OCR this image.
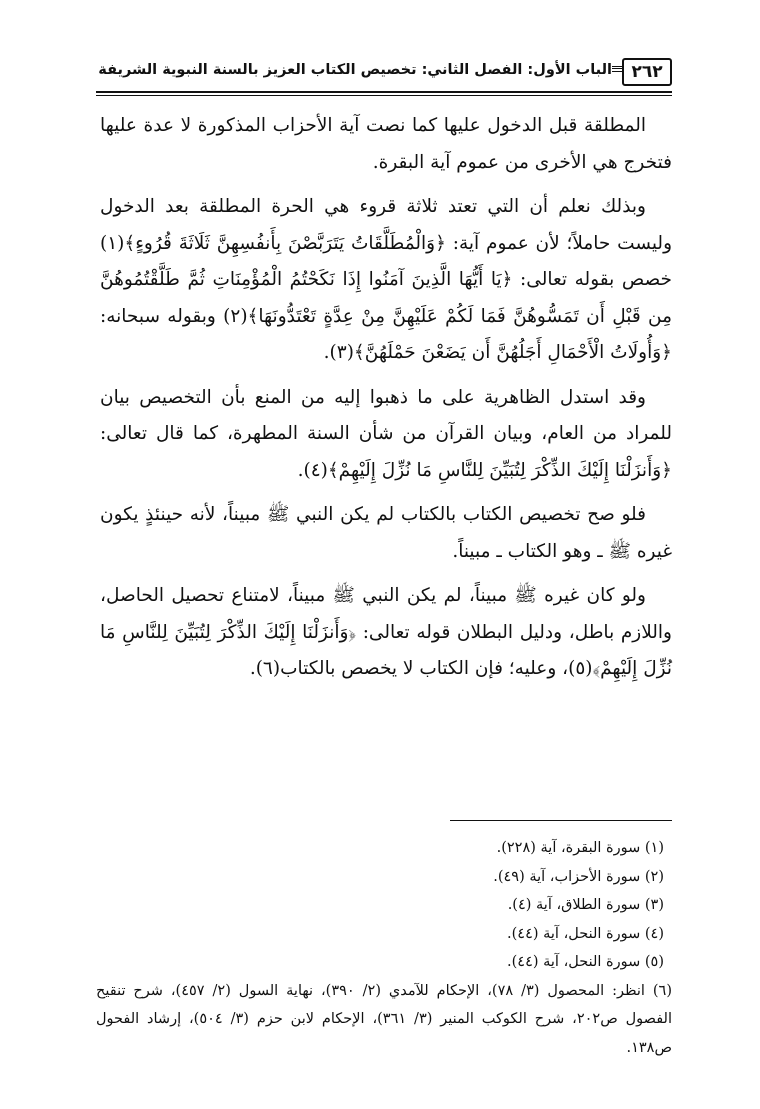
٢٦٢
الباب الأول: الفصل الثاني: تخصيص الكتاب العزيز بالسنة النبوية الشريفة

المطلقة قبل الدخول عليها كما نصت آية الأحزاب المذكورة لا عدة عليها فتخرج هي الأخرى من عموم آية البقرة.

وبذلك نعلم أن التي تعتد ثلاثة قروء هي الحرة المطلقة بعد الدخول وليست حاملاً؛ لأن عموم آية: ﴿وَالْمُطَلَّقَاتُ يَتَرَبَّصْنَ بِأَنفُسِهِنَّ ثَلَاثَةَ قُرُوءٍ﴾(١) خصص بقوله تعالى: ﴿يَا أَيُّهَا الَّذِينَ آمَنُوا إِذَا نَكَحْتُمُ الْمُؤْمِنَاتِ ثُمَّ طَلَّقْتُمُوهُنَّ مِن قَبْلِ أَن تَمَسُّوهُنَّ فَمَا لَكُمْ عَلَيْهِنَّ مِنْ عِدَّةٍ تَعْتَدُّونَهَا﴾(٢) وبقوله سبحانه: ﴿وَأُولَاتُ الْأَحْمَالِ أَجَلُهُنَّ أَن يَضَعْنَ حَمْلَهُنَّ﴾(٣).

وقد استدل الظاهرية على ما ذهبوا إليه من المنع بأن التخصيص بيان للمراد من العام، وبيان القرآن من شأن السنة المطهرة، كما قال تعالى: ﴿وَأَنزَلْنَا إِلَيْكَ الذِّكْرَ لِتُبَيِّنَ لِلنَّاسِ مَا نُزِّلَ إِلَيْهِمْ﴾(٤).

فلو صح تخصيص الكتاب بالكتاب لم يكن النبي ﷺ مبيناً، لأنه حينئذٍ يكون غيره ﷺ ـ وهو الكتاب ـ مبيناً.

ولو كان غيره ﷺ مبيناً، لم يكن النبي ﷺ مبيناً، لامتناع تحصيل الحاصل، واللازم باطل، ودليل البطلان قوله تعالى: ﴿وَأَنزَلْنَا إِلَيْكَ الذِّكْرَ لِتُبَيِّنَ لِلنَّاسِ مَا نُزِّلَ إِلَيْهِمْ﴾(٥)، وعليه؛ فإن الكتاب لا يخصص بالكتاب(٦).

(١) سورة البقرة، آية (٢٢٨).

(٢) سورة الأحزاب، آية (٤٩).

(٣) سورة الطلاق، آية (٤).

(٤) سورة النحل، آية (٤٤).

(٥) سورة النحل، آية (٤٤).

(٦) انظر: المحصول (٣/ ٧٨)، الإحكام للآمدي (٢/ ٣٩٠)، نهاية السول (٢/ ٤٥٧)، شرح تنقيح الفصول ص٢٠٢، شرح الكوكب المنير (٣/ ٣٦١)، الإحكام لابن حزم (٣/ ٥٠٤)، إرشاد الفحول ص١٣٨.
